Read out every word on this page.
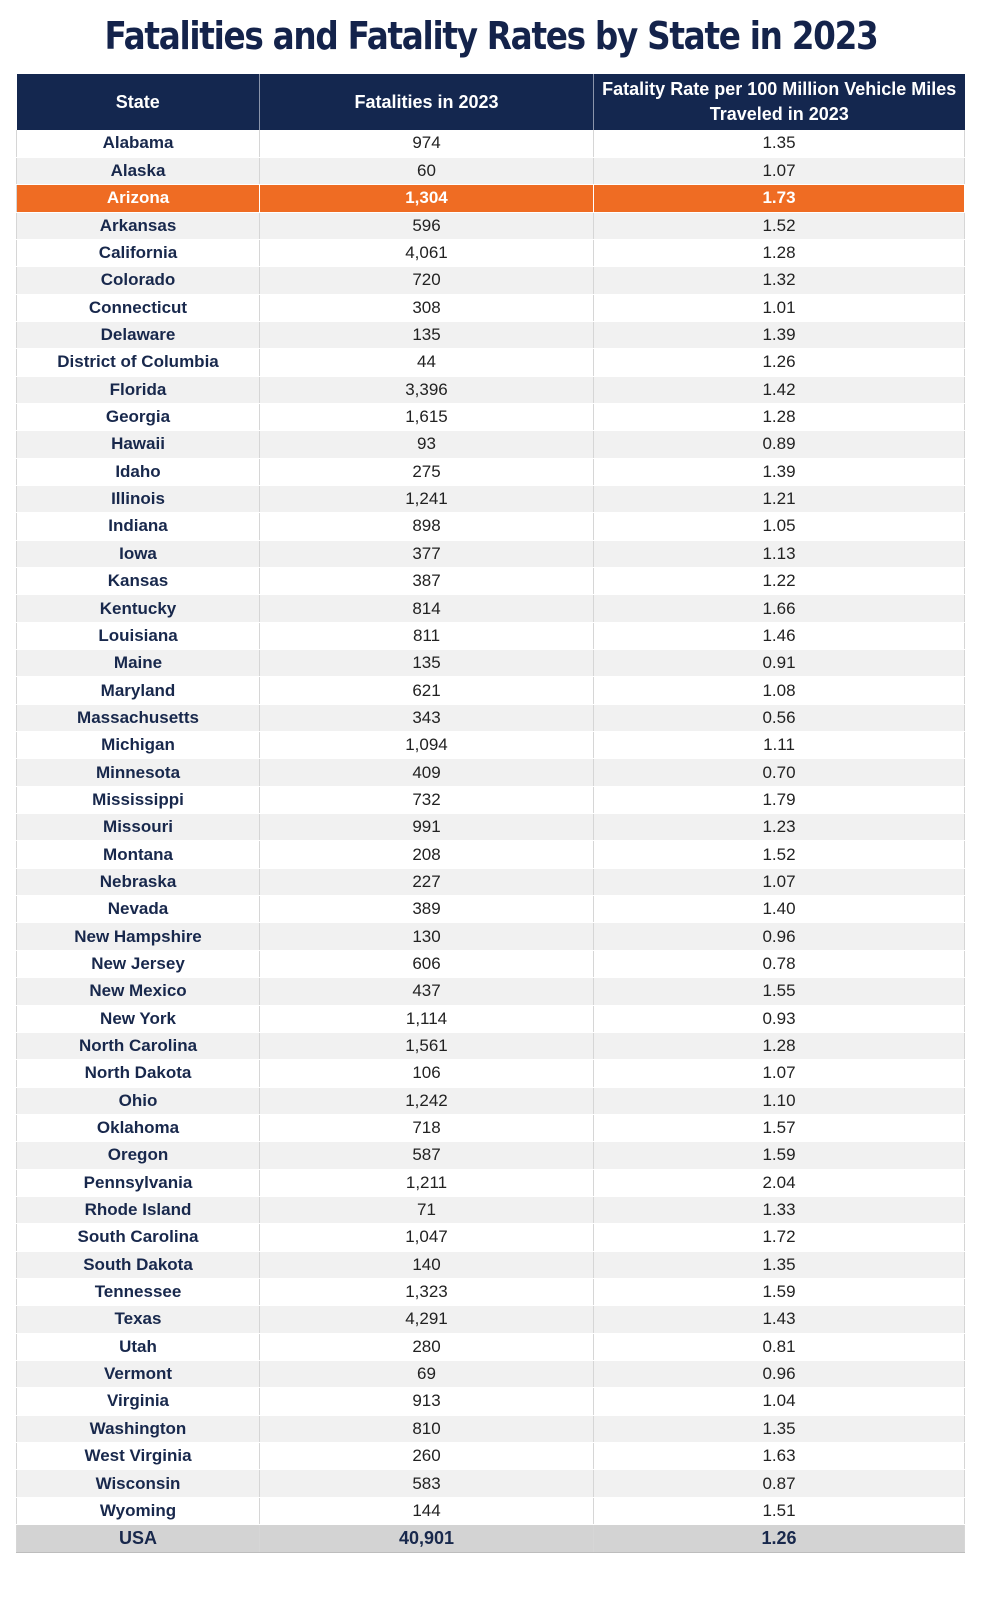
Fatalities and Fatality Rates by State in 2023
State	Fatalities in 2023	Fatality Rate per 100 Million Vehicle Miles Traveled in 2023
Alabama	974	1.35
Alaska	60	1.07
Arizona	1,304	1.73
Arkansas	596	1.52
California	4,061	1.28
Colorado	720	1.32
Connecticut	308	1.01
Delaware	135	1.39
District of Columbia	44	1.26
Florida	3,396	1.42
Georgia	1,615	1.28
Hawaii	93	0.89
Idaho	275	1.39
Illinois	1,241	1.21
Indiana	898	1.05
Iowa	377	1.13
Kansas	387	1.22
Kentucky	814	1.66
Louisiana	811	1.46
Maine	135	0.91
Maryland	621	1.08
Massachusetts	343	0.56
Michigan	1,094	1.11
Minnesota	409	0.70
Mississippi	732	1.79
Missouri	991	1.23
Montana	208	1.52
Nebraska	227	1.07
Nevada	389	1.40
New Hampshire	130	0.96
New Jersey	606	0.78
New Mexico	437	1.55
New York	1,114	0.93
North Carolina	1,561	1.28
North Dakota	106	1.07
Ohio	1,242	1.10
Oklahoma	718	1.57
Oregon	587	1.59
Pennsylvania	1,211	2.04
Rhode Island	71	1.33
South Carolina	1,047	1.72
South Dakota	140	1.35
Tennessee	1,323	1.59
Texas	4,291	1.43
Utah	280	0.81
Vermont	69	0.96
Virginia	913	1.04
Washington	810	1.35
West Virginia	260	1.63
Wisconsin	583	0.87
Wyoming	144	1.51
USA	40,901	1.26
